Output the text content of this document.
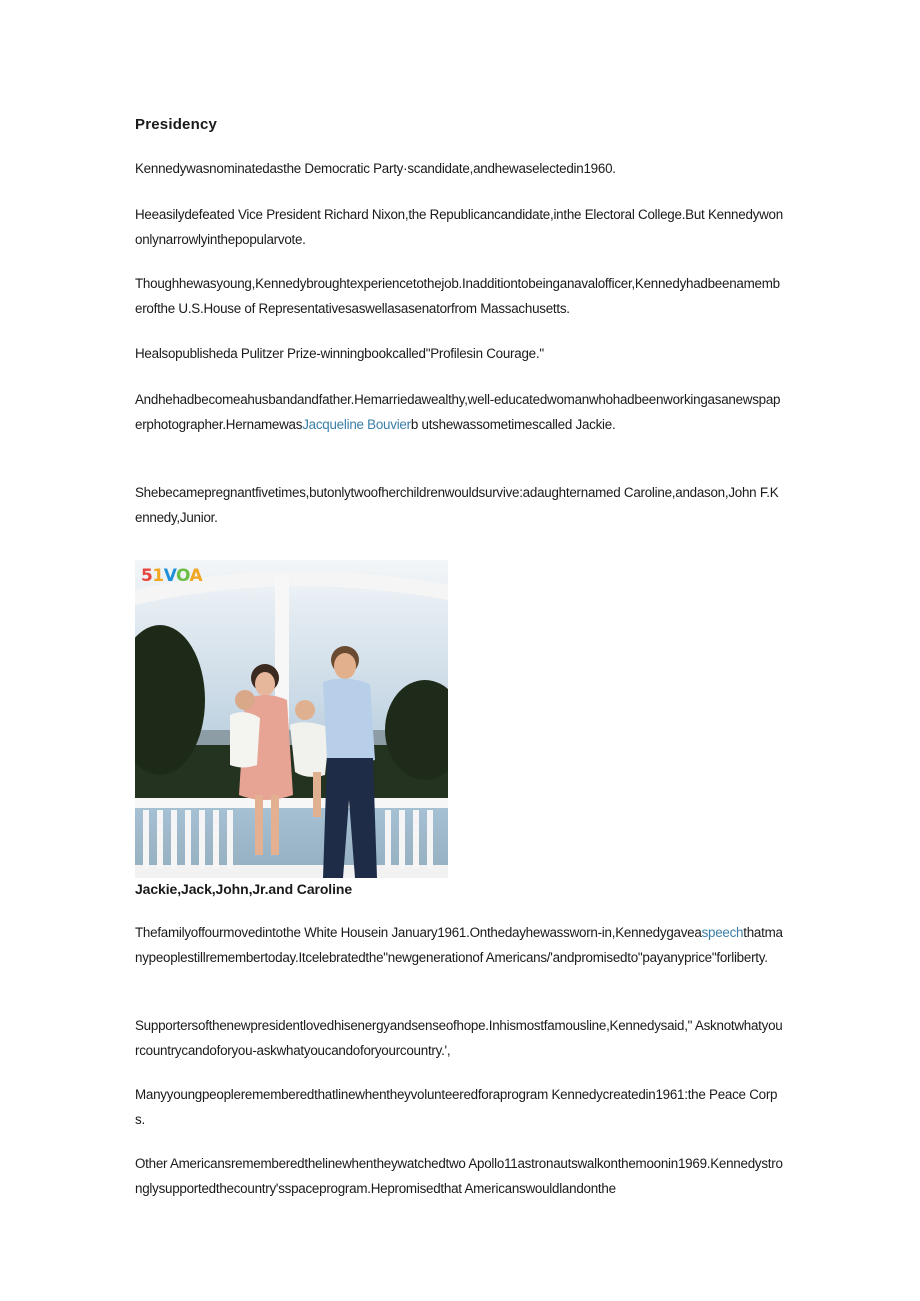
Presidency
Kennedywasnominatedasthe Democratic Party·scandidate,andhewaselectedin1960.
Heeasilydefeated Vice President Richard Nixon,the Republicancandidate,inthe Electoral College.But Kennedywononlynarrowlyinthepopularvote.
Thoughhewasyoung,Kennedybroughtexperiencetothejob.Inadditiontobeinganavalofficer,Kennedyhadbeenamemberofthe U.S.House of Representativesaswellasasenatorfrom Massachusetts.
Healsopublishedа Pulitzer Prize-winningbookcalled"Profilesin Courage."
Andhehadbecomeahusbandandfather.Hemarriedawealthy,well-educatedwomanwhohadbeenworkingasanewspaperphotographer.HernamewasJacqueline Bouvierb utshewassometimescalled Jackie.
Shebecamepregnantfivetimes,butonlytwoofherchildrenwouldsurvive:adaughternamed Caroline,andason,John F.Kennedy,Junior.
51VOA
Jackie,Jack,John,Jr.and Caroline
Thefamilyoffourmovedintothe White Housein January1961.Onthedayhewassworn-in,Kennedygaveaspeechthatmanypeoplestillremembertoday.Itcelebratedthe"newgenerationof Americans/'andpromisedto"payanyprice"forliberty.
Supportersofthenewpresidentlovedhisenergyandsenseofhope.Inhismostfamousline,Kennedysaid," Asknotwhatyourcountrycandoforyou-askwhatyoucandoforyourcountry.',
Manyyoungpeoplerememberedthatlinewhentheyvolunteeredforaprogram Kennedycreatedin1961:the Peace Corps.
Other Americansrememberedthelinewhentheywatchedtwo Apollo11astronautswalkonthemoonin1969.Kennedystronglysupportedthecountry'sspaceprogram.Hepromisedthat Americanswouldlandonthe
